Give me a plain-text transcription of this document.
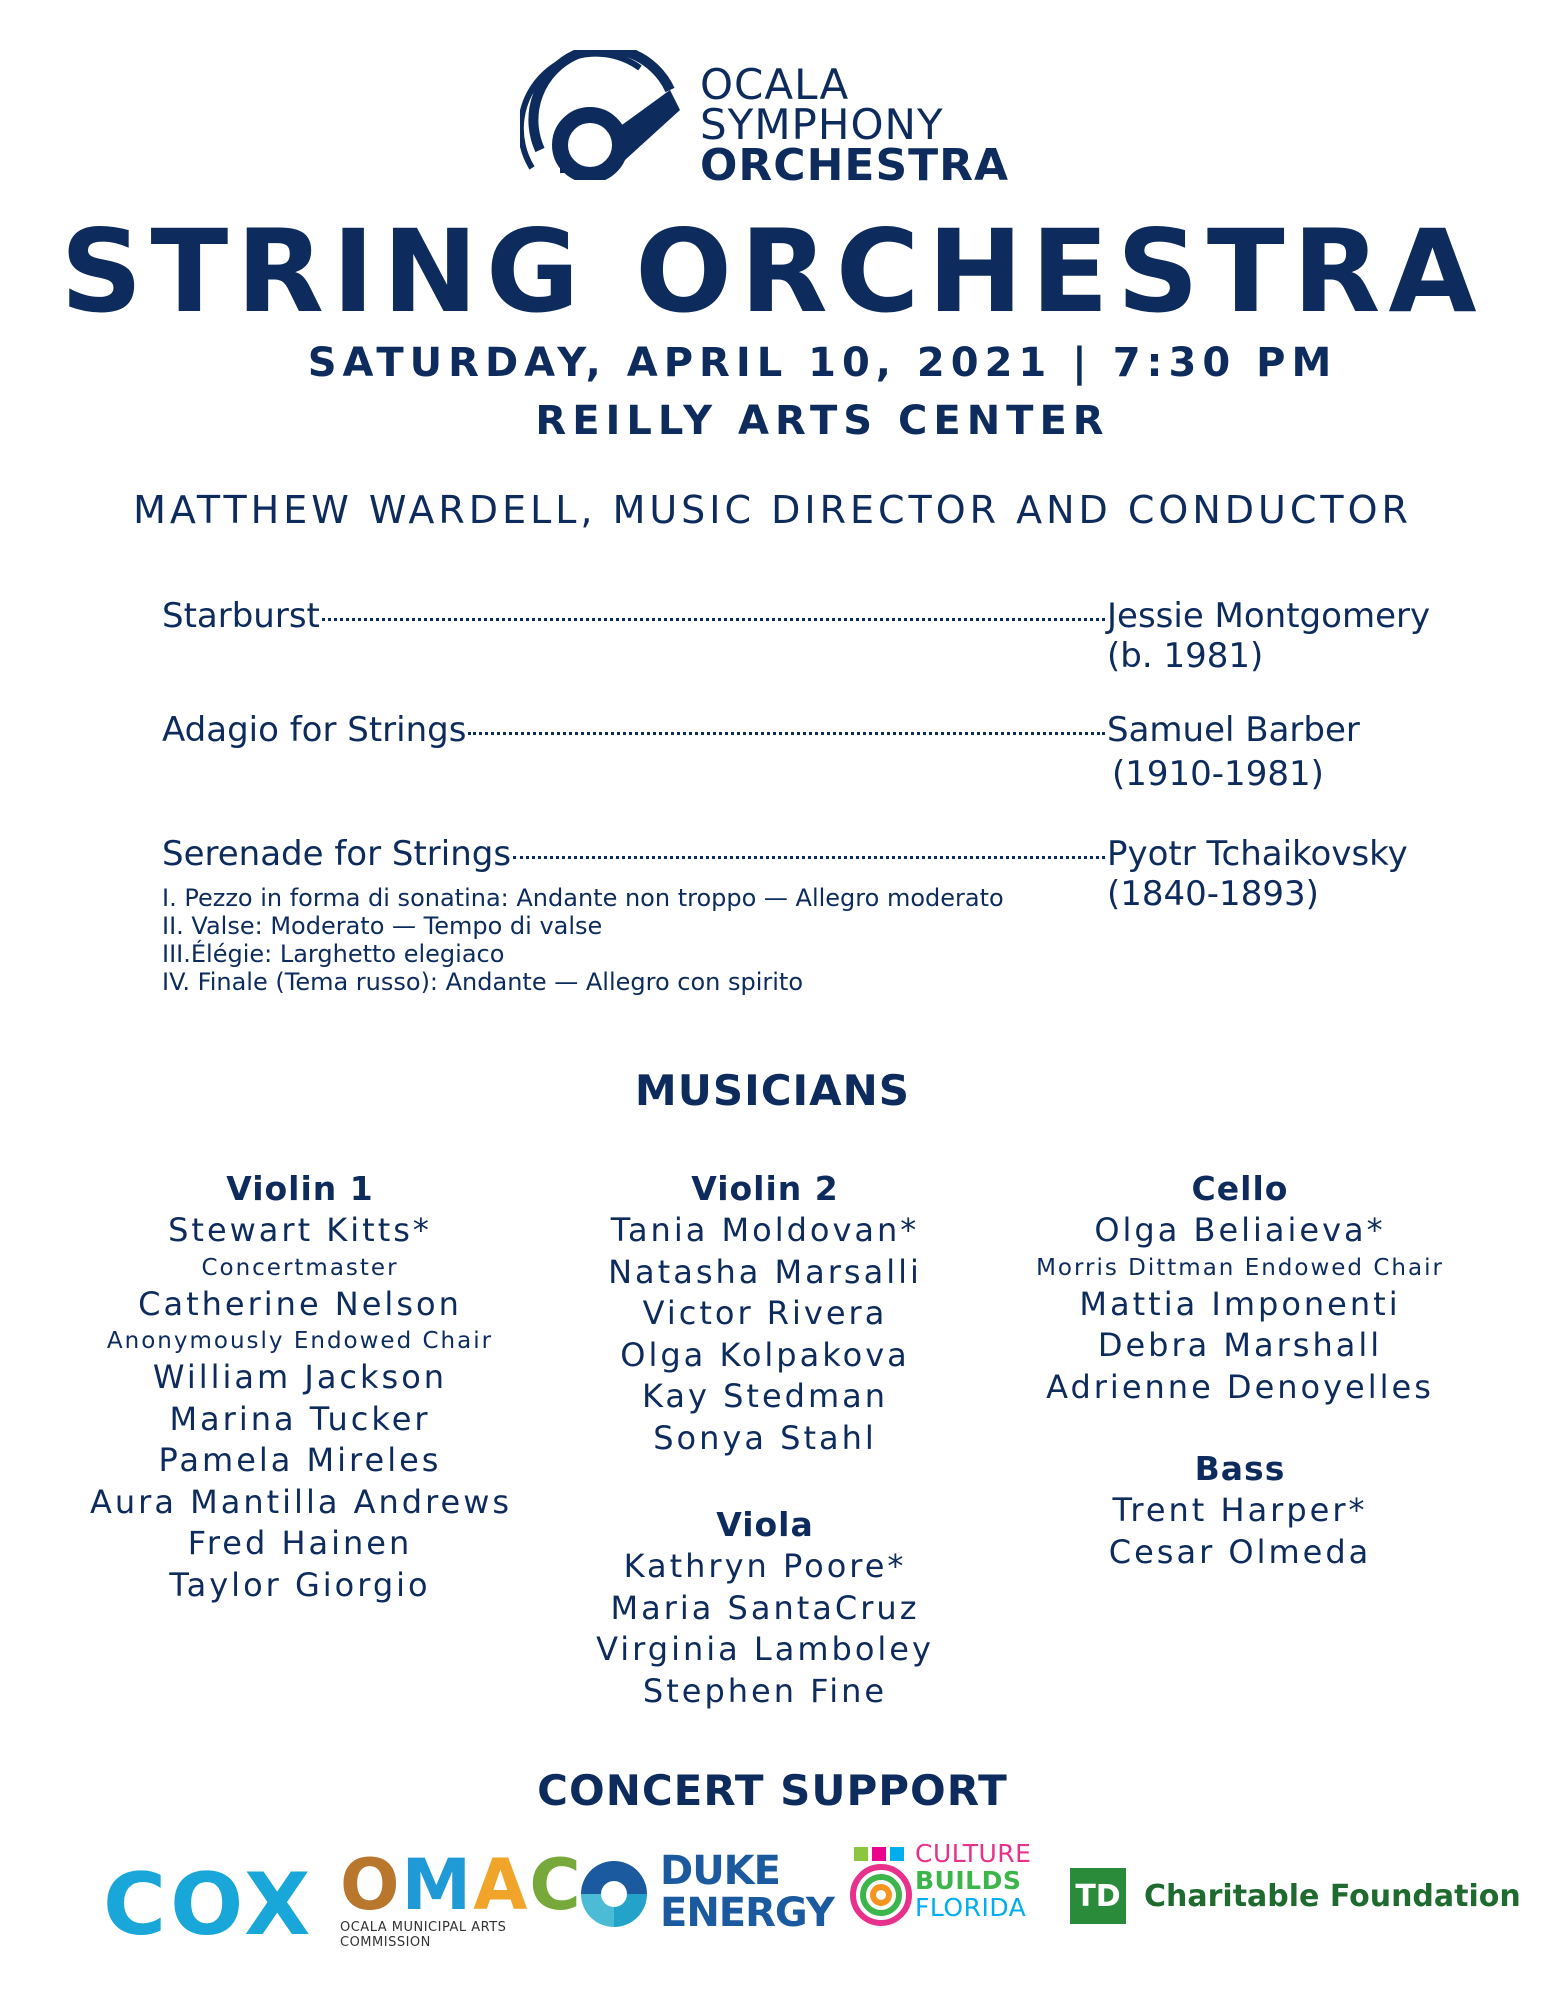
OCALA
SYMPHONY
ORCHESTRA
STRING ORCHESTRA
SATURDAY, APRIL 10, 2021 | 7:30 PM
REILLY ARTS CENTER
MATTHEW WARDELL, MUSIC DIRECTOR AND CONDUCTOR
Starburst	Jessie Montgomery
(b. 1981)
Adagio for Strings	Samuel Barber
(1910-1981)
Serenade for Strings	Pyotr Tchaikovsky
(1840-1893)
I. Pezzo in forma di sonatina: Andante non troppo — Allegro moderato
II. Valse: Moderato — Tempo di valse
III.Élégie: Larghetto elegiaco
IV. Finale (Tema russo): Andante — Allegro con spirito
MUSICIANS
Violin 1
Stewart Kitts*
Concertmaster
Catherine Nelson
Anonymously Endowed Chair
William Jackson
Marina Tucker
Pamela Mireles
Aura Mantilla Andrews
Fred Hainen
Taylor Giorgio
Violin 2
Tania Moldovan*
Natasha Marsalli
Victor Rivera
Olga Kolpakova
Kay Stedman
Sonya Stahl
Viola
Kathryn Poore*
Maria SantaCruz
Virginia Lamboley
Stephen Fine
Cello
Olga Beliaieva*
Morris Dittman Endowed Chair
Mattia Imponenti
Debra Marshall
Adrienne Denoyelles
Bass
Trent Harper*
Cesar Olmeda
CONCERT SUPPORT
COX OMAC
OCALA MUNICIPAL ARTS COMMISSION
DUKE
ENERGY
CULTURE
BUILDS
FLORIDA TD Charitable Foundation
